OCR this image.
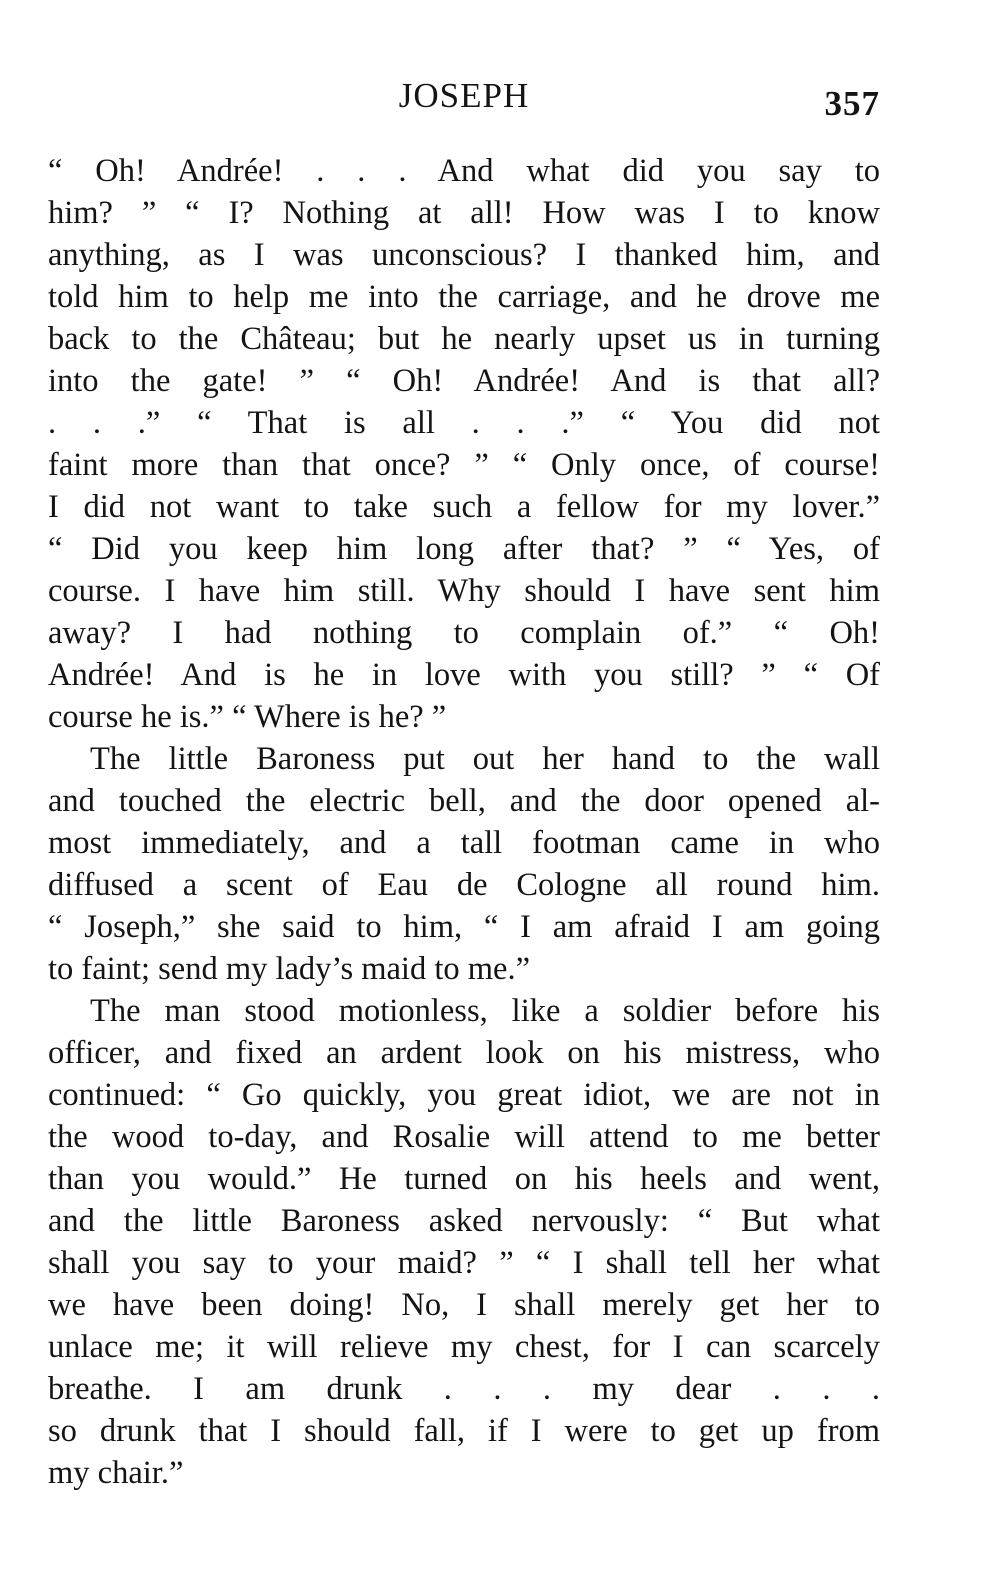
JOSEPH	357
“ Oh! Andrée! . . . And what did you say to
him? ” “ I? Nothing at all! How was I to know
anything, as I was unconscious? I thanked him, and
told him to help me into the carriage, and he drove me
back to the Château; but he nearly upset us in turning
into the gate! ” “ Oh! Andrée! And is that all?
. . .” “ That is all . . .” “ You did not
faint more than that once? ” “ Only once, of course!
I did not want to take such a fellow for my lover.”
“ Did you keep him long after that? ” “ Yes, of
course. I have him still. Why should I have sent him
away? I had nothing to complain of.” “ Oh!
Andrée! And is he in love with you still? ” “ Of
course he is.” “ Where is he? ”
The little Baroness put out her hand to the wall
and touched the electric bell, and the door opened al-
most immediately, and a tall footman came in who
diffused a scent of Eau de Cologne all round him.
“ Joseph,” she said to him, “ I am afraid I am going
to faint; send my lady’s maid to me.”
The man stood motionless, like a soldier before his
officer, and fixed an ardent look on his mistress, who
continued: “ Go quickly, you great idiot, we are not in
the wood to-day, and Rosalie will attend to me better
than you would.” He turned on his heels and went,
and the little Baroness asked nervously: “ But what
shall you say to your maid? ” “ I shall tell her what
we have been doing! No, I shall merely get her to
unlace me; it will relieve my chest, for I can scarcely
breathe. I am drunk . . . my dear . . .
so drunk that I should fall, if I were to get up from
my chair.”
